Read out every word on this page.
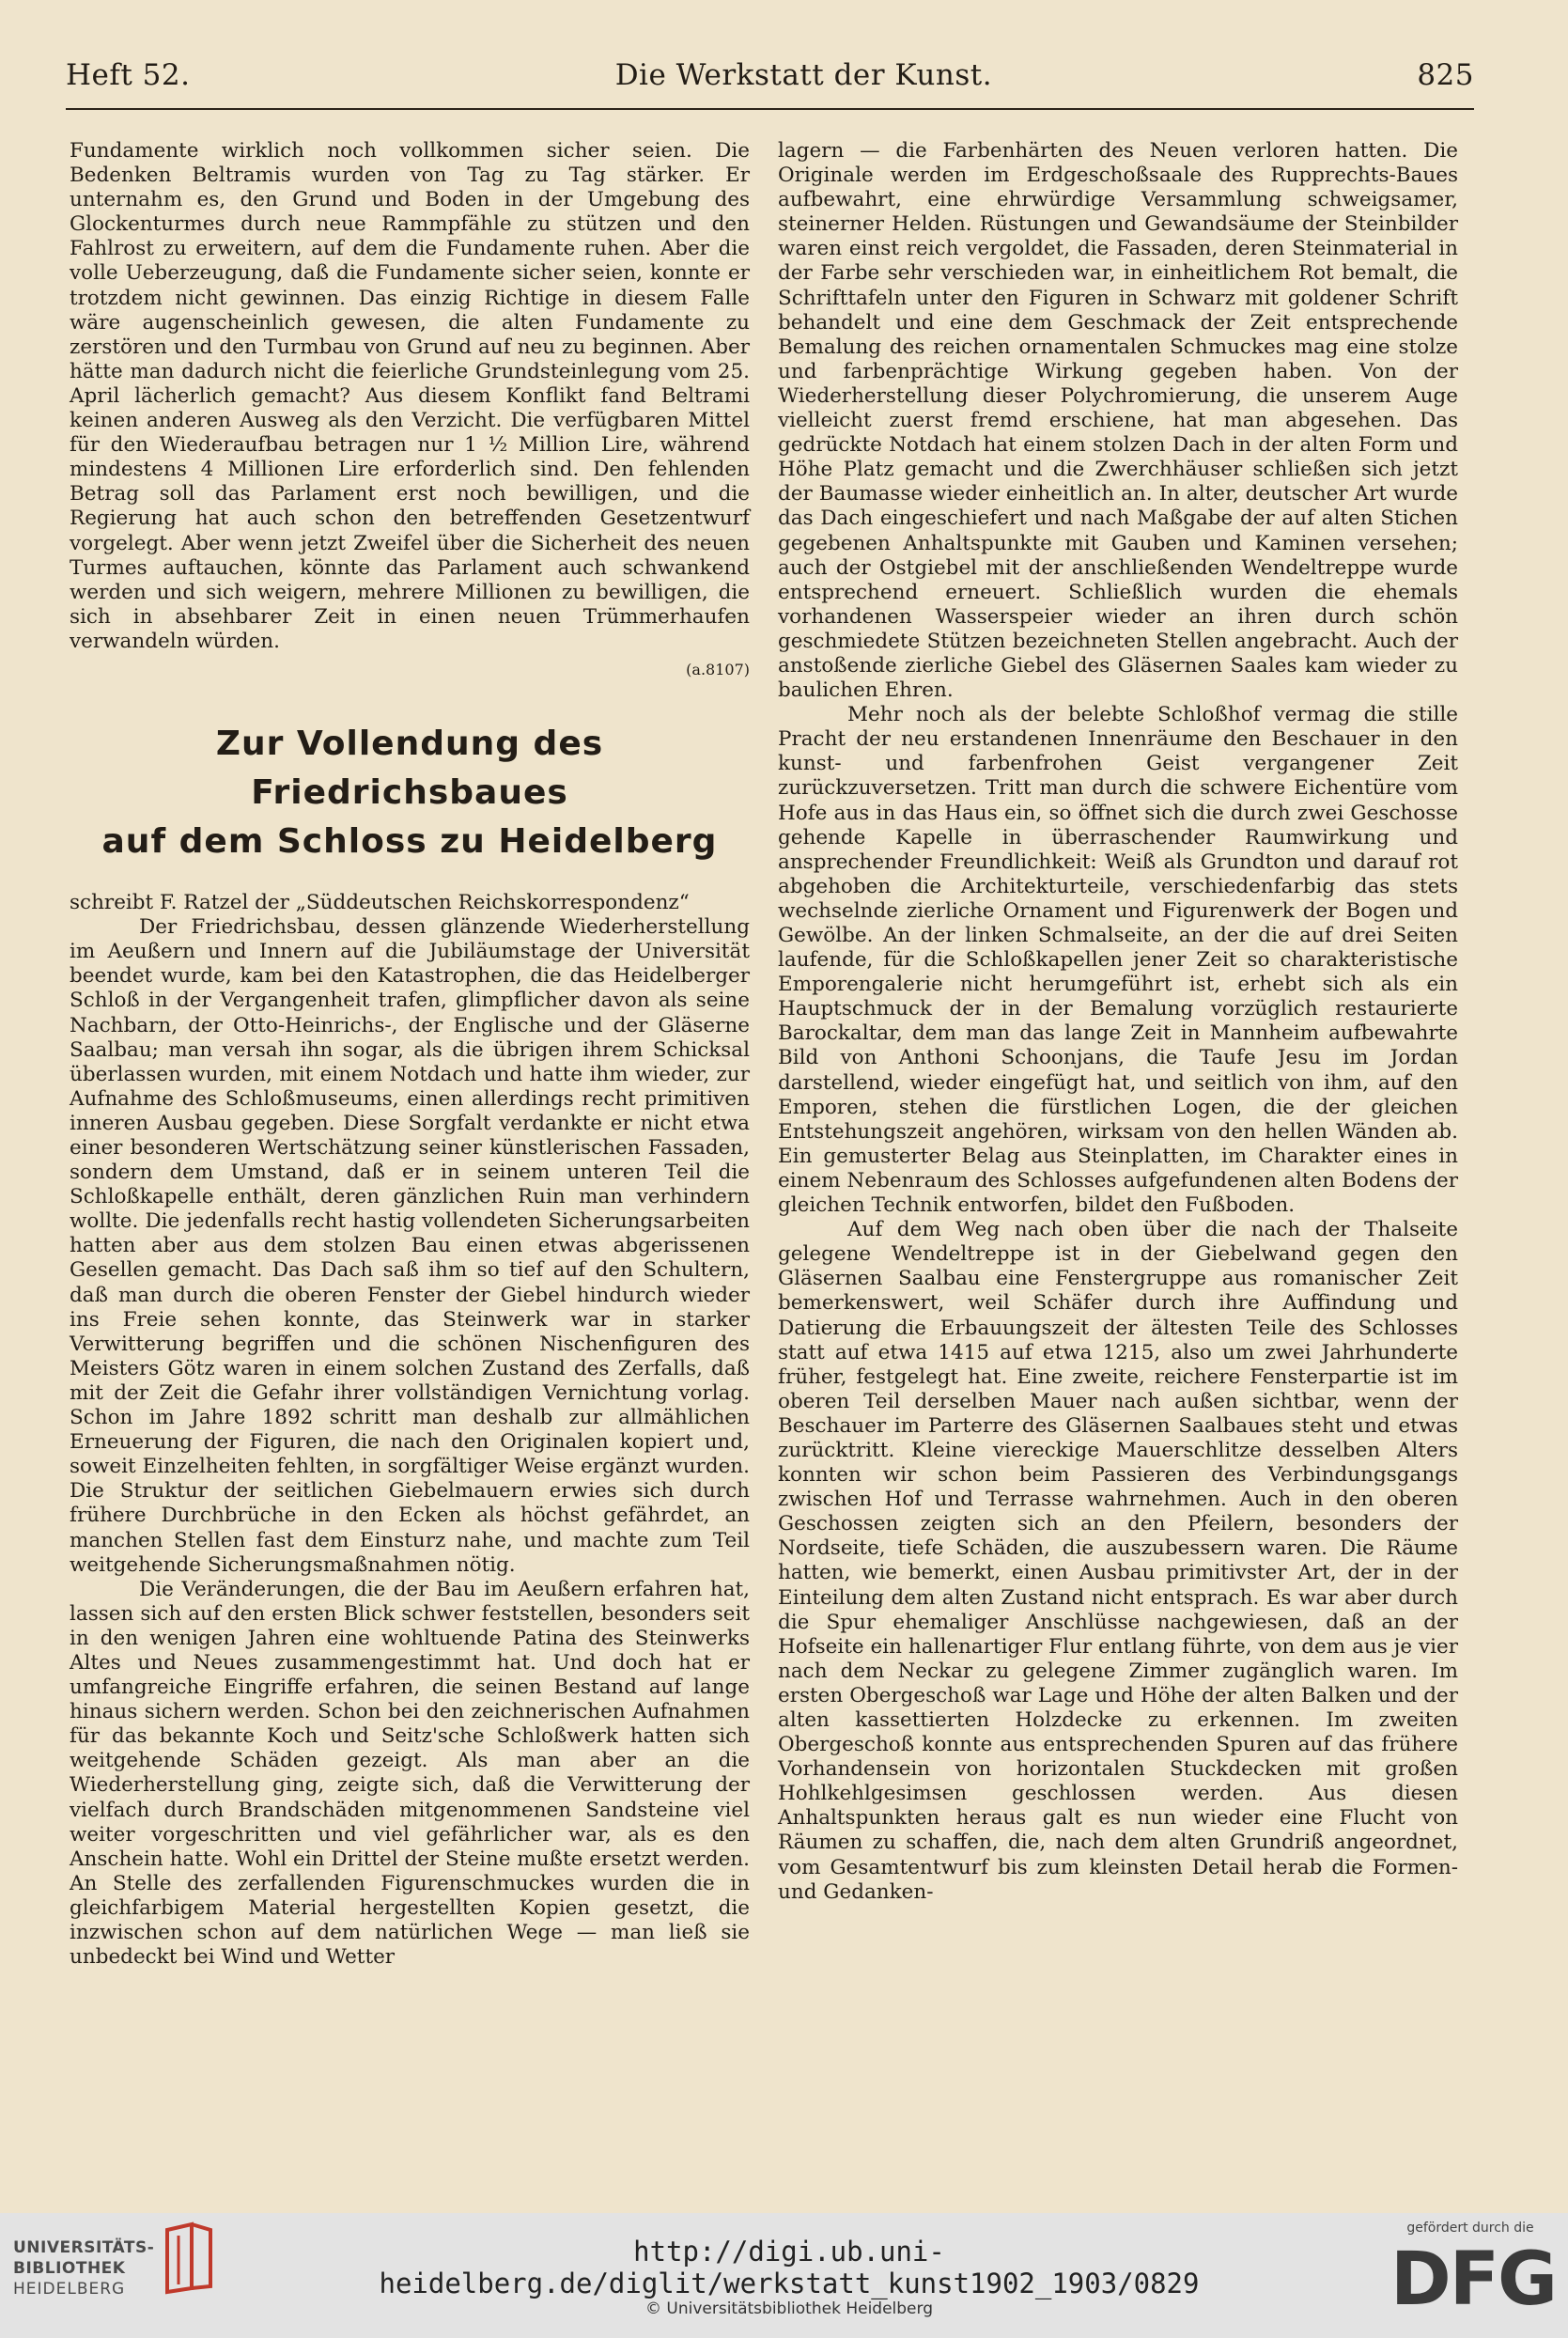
Heft 52.	Die Werkstatt der Kunst.	825

Fundamente wirklich noch vollkommen sicher seien. Die Bedenken Beltramis wurden von Tag zu Tag stärker. Er unternahm es, den Grund und Boden in der Umgebung des Glockenturmes durch neue Rammpfähle zu stützen und den Fahlrost zu erweitern, auf dem die Fundamente ruhen. Aber die volle Ueberzeugung, daß die Fundamente sicher seien, konnte er trotzdem nicht gewinnen. Das einzig Richtige in diesem Falle wäre augenscheinlich gewesen, die alten Fundamente zu zerstören und den Turmbau von Grund auf neu zu beginnen. Aber hätte man dadurch nicht die feierliche Grundsteinlegung vom 25. April lächerlich gemacht? Aus diesem Konflikt fand Beltrami keinen anderen Ausweg als den Verzicht. Die verfügbaren Mittel für den Wiederaufbau betragen nur 1 ½ Million Lire, während mindestens 4 Millionen Lire erforderlich sind. Den fehlenden Betrag soll das Parlament erst noch bewilligen, und die Regierung hat auch schon den betreffenden Gesetzentwurf vorgelegt. Aber wenn jetzt Zweifel über die Sicherheit des neuen Turmes auftauchen, könnte das Parlament auch schwankend werden und sich weigern, mehrere Millionen zu bewilligen, die sich in absehbarer Zeit in einen neuen Trümmerhaufen verwandeln würden.

(a.8107)
Zur Vollendung des Friedrichsbaues
auf dem Schloss zu Heidelberg

schreibt F. Ratzel der „Süddeutschen Reichskorrespondenz“

Der Friedrichsbau, dessen glänzende Wiederherstellung im Aeußern und Innern auf die Jubiläumstage der Universität beendet wurde, kam bei den Katastrophen, die das Heidelberger Schloß in der Vergangenheit trafen, glimpflicher davon als seine Nachbarn, der Otto-Heinrichs-, der Englische und der Gläserne Saalbau; man versah ihn sogar, als die übrigen ihrem Schicksal überlassen wurden, mit einem Notdach und hatte ihm wieder, zur Aufnahme des Schloßmuseums, einen allerdings recht primitiven inneren Ausbau gegeben. Diese Sorgfalt verdankte er nicht etwa einer besonderen Wertschätzung seiner künstlerischen Fassaden, sondern dem Umstand, daß er in seinem unteren Teil die Schloßkapelle enthält, deren gänzlichen Ruin man verhindern wollte. Die jedenfalls recht hastig vollendeten Sicherungsarbeiten hatten aber aus dem stolzen Bau einen etwas abgerissenen Gesellen gemacht. Das Dach saß ihm so tief auf den Schultern, daß man durch die oberen Fenster der Giebel hindurch wieder ins Freie sehen konnte, das Steinwerk war in starker Verwitterung begriffen und die schönen Nischenfiguren des Meisters Götz waren in einem solchen Zustand des Zerfalls, daß mit der Zeit die Gefahr ihrer vollständigen Vernichtung vorlag. Schon im Jahre 1892 schritt man deshalb zur allmählichen Erneuerung der Figuren, die nach den Originalen kopiert und, soweit Einzelheiten fehlten, in sorgfältiger Weise ergänzt wurden. Die Struktur der seitlichen Giebelmauern erwies sich durch frühere Durchbrüche in den Ecken als höchst gefährdet, an manchen Stellen fast dem Einsturz nahe, und machte zum Teil weitgehende Sicherungsmaßnahmen nötig.

Die Veränderungen, die der Bau im Aeußern erfahren hat, lassen sich auf den ersten Blick schwer feststellen, besonders seit in den wenigen Jahren eine wohltuende Patina des Steinwerks Altes und Neues zusammengestimmt hat. Und doch hat er umfangreiche Eingriffe erfahren, die seinen Bestand auf lange hinaus sichern werden. Schon bei den zeichnerischen Aufnahmen für das bekannte Koch und Seitz'sche Schloßwerk hatten sich weitgehende Schäden gezeigt. Als man aber an die Wiederherstellung ging, zeigte sich, daß die Verwitterung der vielfach durch Brandschäden mitgenommenen Sandsteine viel weiter vorgeschritten und viel gefährlicher war, als es den Anschein hatte. Wohl ein Drittel der Steine mußte ersetzt werden. An Stelle des zerfallenden Figurenschmuckes wurden die in gleichfarbigem Material hergestellten Kopien gesetzt, die inzwischen schon auf dem natürlichen Wege — man ließ sie unbedeckt bei Wind und Wetter

lagern — die Farbenhärten des Neuen verloren hatten. Die Originale werden im Erdgeschoßsaale des Rupprechts-Baues aufbewahrt, eine ehrwürdige Versammlung schweigsamer, steinerner Helden. Rüstungen und Gewandsäume der Steinbilder waren einst reich vergoldet, die Fassaden, deren Steinmaterial in der Farbe sehr verschieden war, in einheitlichem Rot bemalt, die Schrifttafeln unter den Figuren in Schwarz mit goldener Schrift behandelt und eine dem Geschmack der Zeit entsprechende Bemalung des reichen ornamentalen Schmuckes mag eine stolze und farbenprächtige Wirkung gegeben haben. Von der Wiederherstellung dieser Polychromierung, die unserem Auge vielleicht zuerst fremd erschiene, hat man abgesehen. Das gedrückte Notdach hat einem stolzen Dach in der alten Form und Höhe Platz gemacht und die Zwerchhäuser schließen sich jetzt der Baumasse wieder einheitlich an. In alter, deutscher Art wurde das Dach eingeschiefert und nach Maßgabe der auf alten Stichen gegebenen Anhaltspunkte mit Gauben und Kaminen versehen; auch der Ostgiebel mit der anschließenden Wendeltreppe wurde entsprechend erneuert. Schließlich wurden die ehemals vorhandenen Wasserspeier wieder an ihren durch schön geschmiedete Stützen bezeichneten Stellen angebracht. Auch der anstoßende zierliche Giebel des Gläsernen Saales kam wieder zu baulichen Ehren.

Mehr noch als der belebte Schloßhof vermag die stille Pracht der neu erstandenen Innenräume den Beschauer in den kunst- und farbenfrohen Geist vergangener Zeit zurückzuversetzen. Tritt man durch die schwere Eichentüre vom Hofe aus in das Haus ein, so öffnet sich die durch zwei Geschosse gehende Kapelle in überraschender Raumwirkung und ansprechender Freundlichkeit: Weiß als Grundton und darauf rot abgehoben die Architekturteile, verschiedenfarbig das stets wechselnde zierliche Ornament und Figurenwerk der Bogen und Gewölbe. An der linken Schmalseite, an der die auf drei Seiten laufende, für die Schloßkapellen jener Zeit so charakteristische Emporengalerie nicht herumgeführt ist, erhebt sich als ein Hauptschmuck der in der Bemalung vorzüglich restaurierte Barockaltar, dem man das lange Zeit in Mannheim aufbewahrte Bild von Anthoni Schoonjans, die Taufe Jesu im Jordan darstellend, wieder eingefügt hat, und seitlich von ihm, auf den Emporen, stehen die fürstlichen Logen, die der gleichen Entstehungszeit angehören, wirksam von den hellen Wänden ab. Ein gemusterter Belag aus Steinplatten, im Charakter eines in einem Nebenraum des Schlosses aufgefundenen alten Bodens der gleichen Technik entworfen, bildet den Fußboden.

Auf dem Weg nach oben über die nach der Thalseite gelegene Wendeltreppe ist in der Giebelwand gegen den Gläsernen Saalbau eine Fenstergruppe aus romanischer Zeit bemerkenswert, weil Schäfer durch ihre Auffindung und Datierung die Erbauungszeit der ältesten Teile des Schlosses statt auf etwa 1415 auf etwa 1215, also um zwei Jahrhunderte früher, festgelegt hat. Eine zweite, reichere Fensterpartie ist im oberen Teil derselben Mauer nach außen sichtbar, wenn der Beschauer im Parterre des Gläsernen Saalbaues steht und etwas zurücktritt. Kleine viereckige Mauerschlitze desselben Alters konnten wir schon beim Passieren des Verbindungsgangs zwischen Hof und Terrasse wahrnehmen. Auch in den oberen Geschossen zeigten sich an den Pfeilern, besonders der Nordseite, tiefe Schäden, die auszubessern waren. Die Räume hatten, wie bemerkt, einen Ausbau primitivster Art, der in der Einteilung dem alten Zustand nicht entsprach. Es war aber durch die Spur ehemaliger Anschlüsse nachgewiesen, daß an der Hofseite ein hallenartiger Flur entlang führte, von dem aus je vier nach dem Neckar zu gelegene Zimmer zugänglich waren. Im ersten Obergeschoß war Lage und Höhe der alten Balken und der alten kassettierten Holzdecke zu erkennen. Im zweiten Obergeschoß konnte aus entsprechenden Spuren auf das frühere Vorhandensein von horizontalen Stuckdecken mit großen Hohlkehlgesimsen geschlossen werden. Aus diesen Anhaltspunkten heraus galt es nun wieder eine Flucht von Räumen zu schaffen, die, nach dem alten Grundriß angeordnet, vom Gesamtentwurf bis zum kleinsten Detail herab die Formen- und Gedanken-

UNIVERSITÄTS-
BIBLIOTHEK
HEIDELBERG
http://digi.ub.uni-heidelberg.de/diglit/werkstatt_kunst1902_1903/0829
© Universitätsbibliothek Heidelberg
gefördert durch die
DFG
